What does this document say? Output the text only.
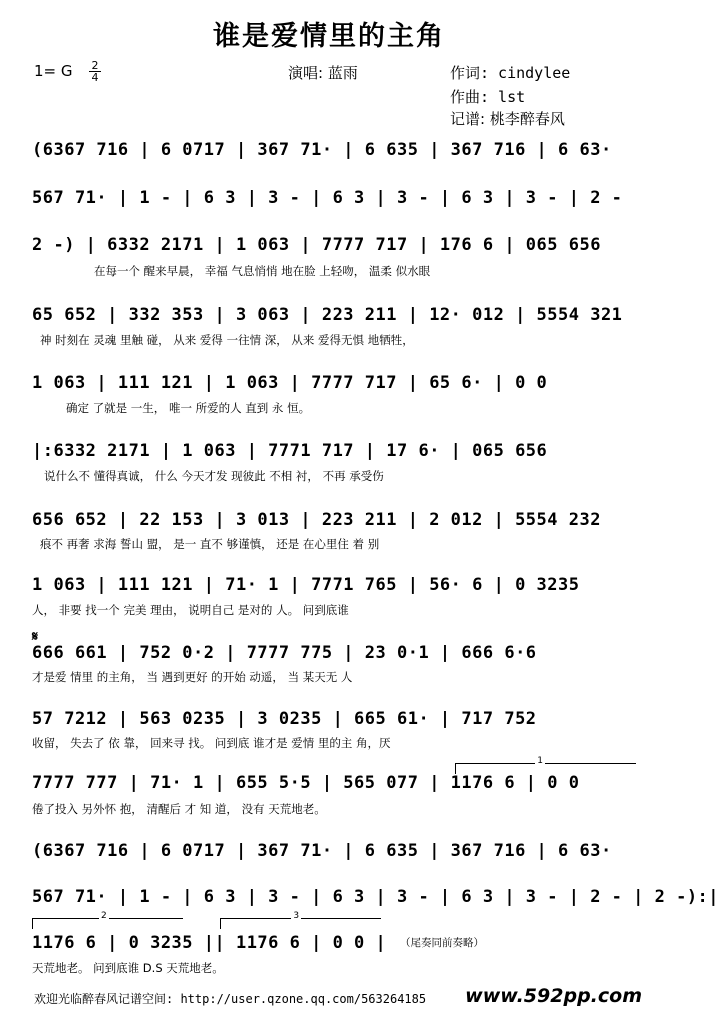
谁是爱情里的主角
1= G	2
4	演唱: 蓝雨	作词: cindylee
作曲: lst
记谱: 桃李醉春风
(6367 716 | 6 0717 | 367 71· | 6 635 | 367 716 | 6 63·
567 71· | 1 - | 6 3 | 3 - | 6 3 | 3 - | 6 3 | 3 - | 2 -
2 -) | 6332 2171 | 1 063 | 7777 717 | 176 6 | 065 656
在每一个 醒来早晨， 幸福 气息悄悄 地在脸 上轻吻， 温柔 似水眼
65 652 | 332 353 | 3 063 | 223 211 | 12· 012 | 5554 321
神 时刻在 灵魂 里触 碰， 从来 爱得 一往情 深， 从来 爱得无惧 地牺牲，
1 063 | 111 121 | 1 063 | 7777 717 | 65 6· | 0 0
确定 了就是 一生， 唯一 所爱的人 直到 永 恒。
|:6332 2171 | 1 063 | 7771 717 | 17 6· | 065 656
说什么不 懂得真诚， 什么 今天才发 现彼此 不相 衬， 不再 承受伤
656 652 | 22 153 | 3 013 | 223 211 | 2 012 | 5554 232
痕不 再奢 求海 誓山 盟， 是一 直不 够谨慎， 还是 在心里住 着 别
1 063 | 111 121 | 71· 1 | 7771 765 | 56· 6 | 0 3235
人， 非要 找一个 完美 理由， 说明自己 是对的 人。 问到底谁
𝄋
666 661 | 752 0·2 | 7777 775 | 23 0·1 | 666 6·6
才是爱 情里 的主角， 当 遇到更好 的开始 动遥， 当 某天无 人
57 7212 | 563 0235 | 3 0235 | 665 61· | 717 752
收留， 失去了 依 靠， 回来寻 找。 问到底 谁才是 爱情 里的主 角，厌
1
7777 777 | 71· 1 | 655 5·5 | 565 077 | 1176 6 | 0 0
倦了投入 另外怀 抱， 清醒后 才 知 道， 没有 天荒地老。
(6367 716 | 6 0717 | 367 71· | 6 635 | 367 716 | 6 63·
567 71· | 1 - | 6 3 | 3 - | 6 3 | 3 - | 6 3 | 3 - | 2 - | 2 -):|
2	3
1176 6 | 0 3235 || 1176 6 | 0 0 | （尾奏同前奏略）
天荒地老。 问到底谁 D.S 天荒地老。
欢迎光临醉春风记谱空间: http://user.qzone.qq.com/563264185 www.592pp.com
